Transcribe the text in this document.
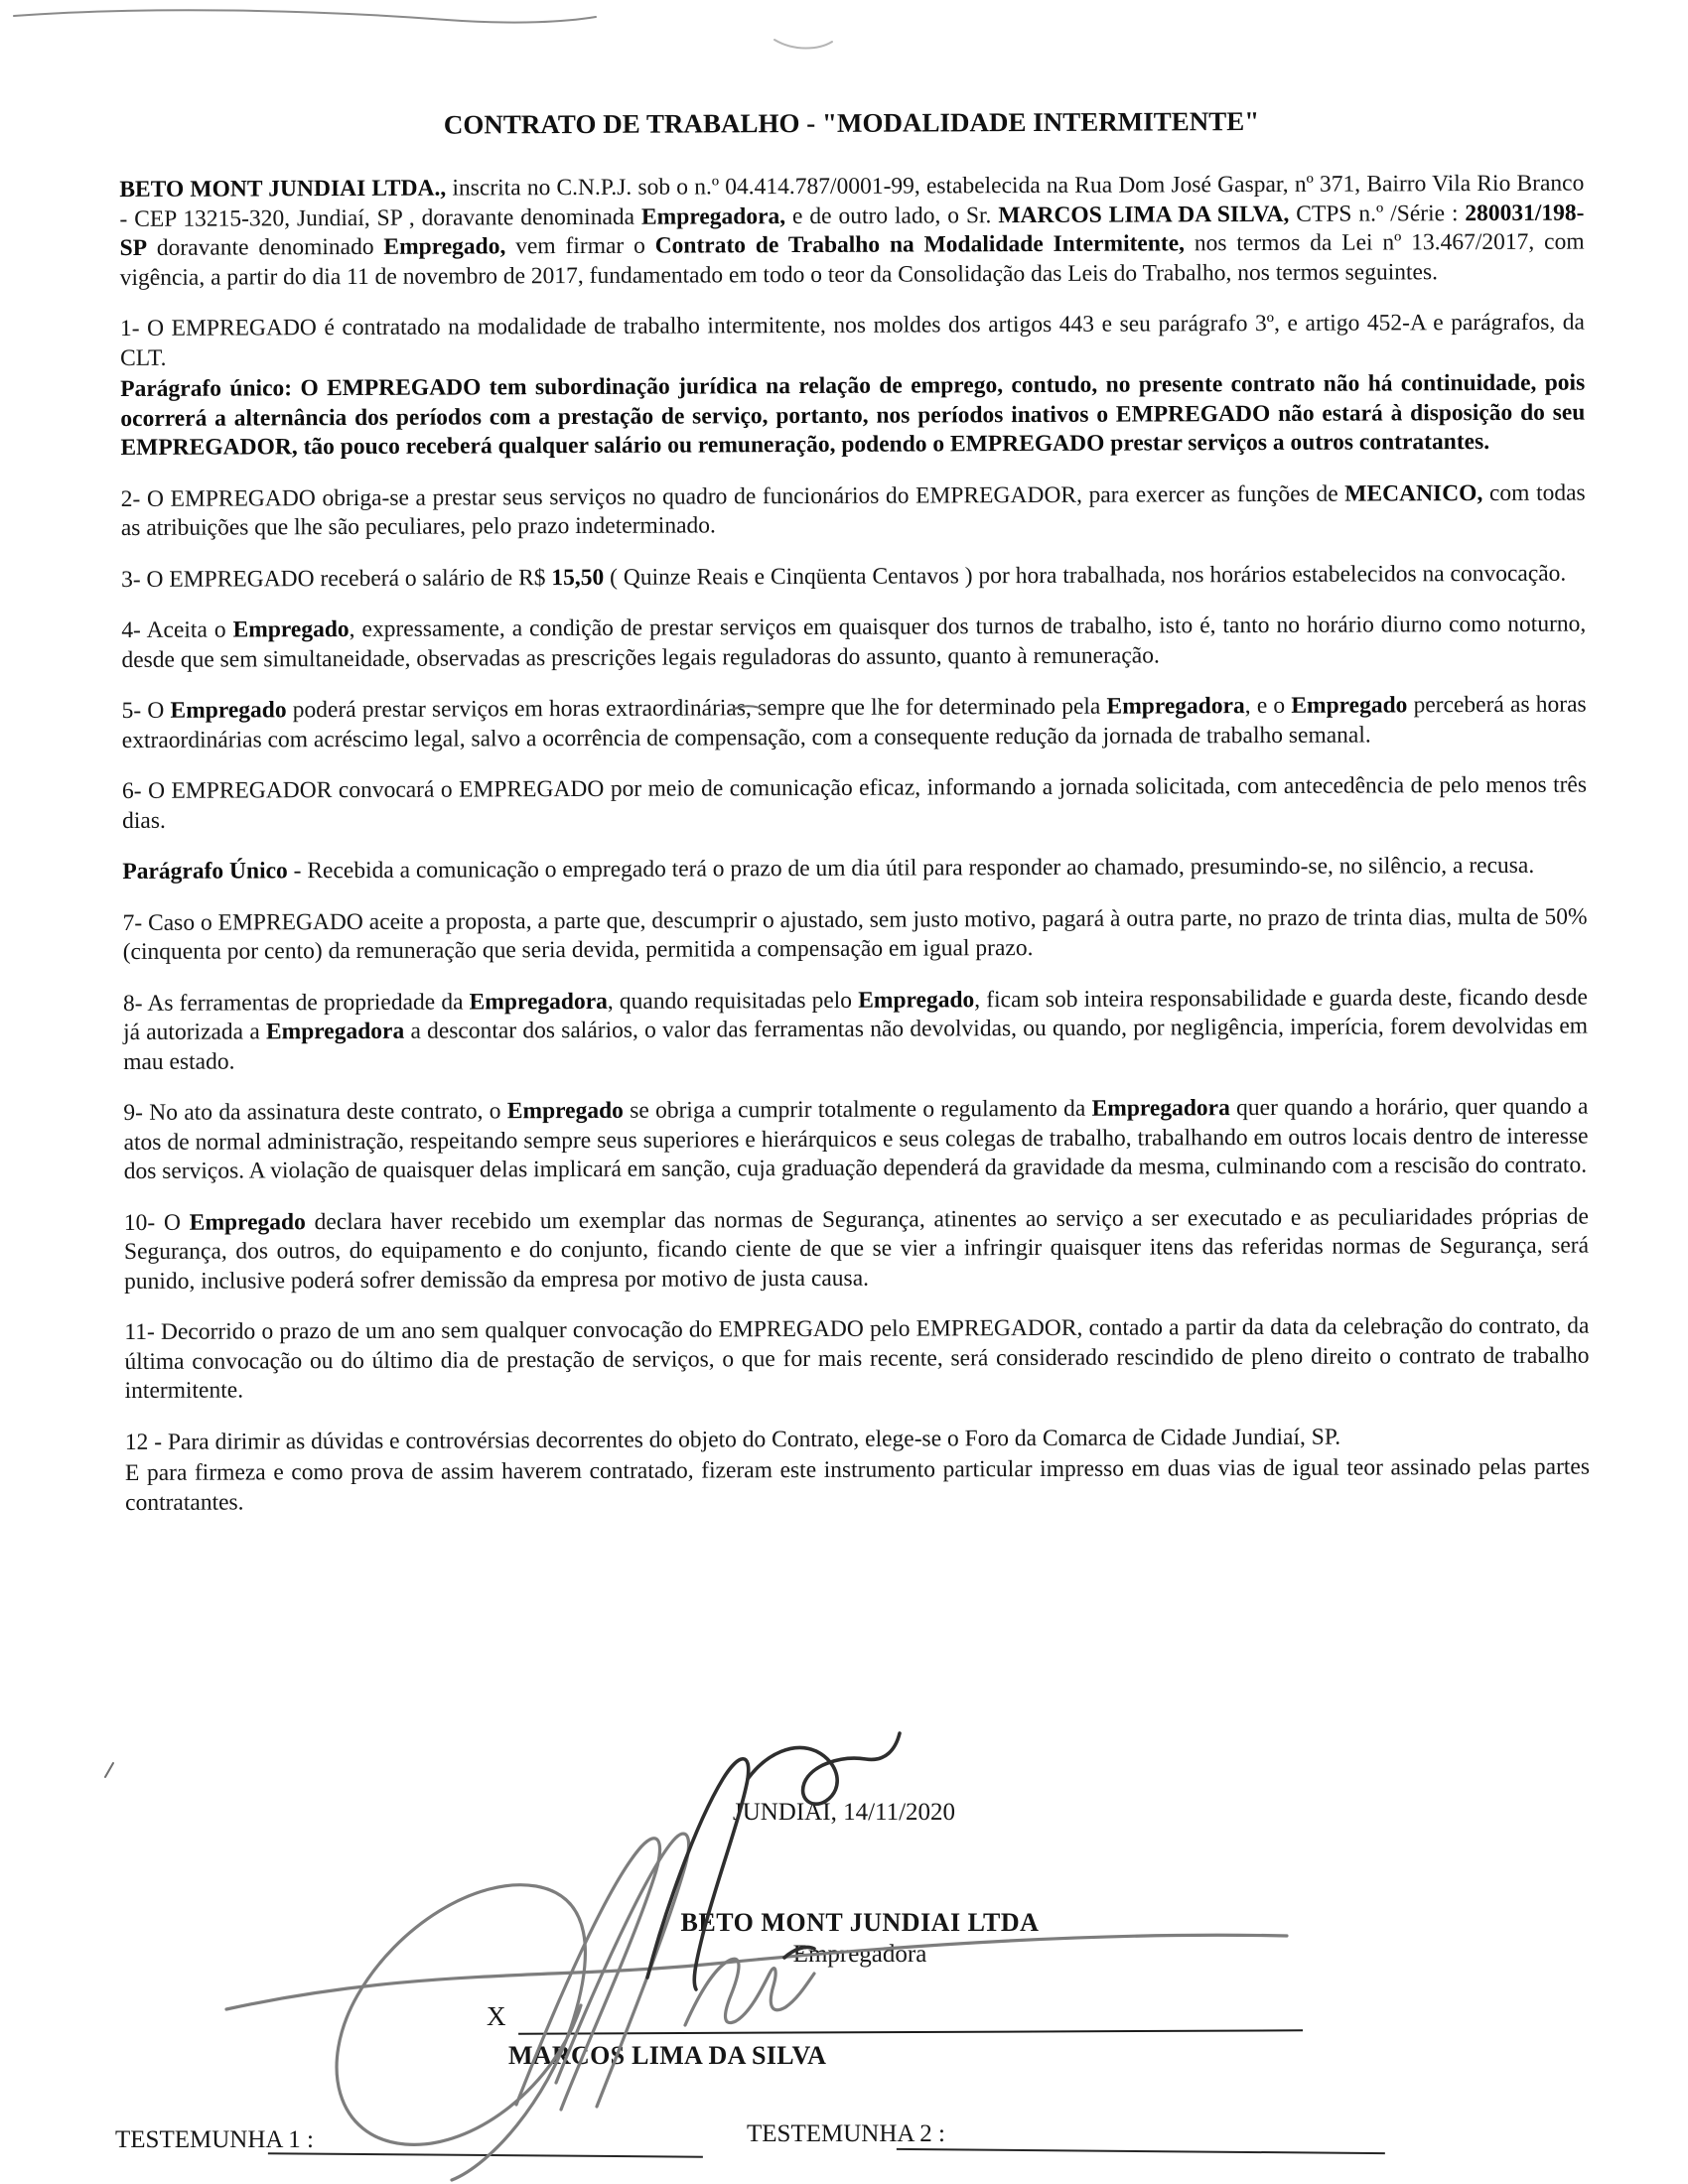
CONTRATO DE TRABALHO - "MODALIDADE INTERMITENTE"

BETO MONT JUNDIAI LTDA., inscrita no C.N.P.J. sob o n.º 04.414.787/0001-99, estabelecida na Rua Dom José Gaspar, nº 371, Bairro Vila Rio Branco - CEP 13215-320, Jundiaí, SP , doravante denominada Empregadora, e de outro lado, o Sr. MARCOS LIMA DA SILVA, CTPS n.º /Série : 280031/198-SP doravante denominado Empregado, vem firmar o Contrato de Trabalho na Modalidade Intermitente, nos termos da Lei nº 13.467/2017, com vigência, a partir do dia 11 de novembro de 2017, fundamentado em todo o teor da Consolidação das Leis do Trabalho, nos termos seguintes.

1- O EMPREGADO é contratado na modalidade de trabalho intermitente, nos moldes dos artigos 443 e seu parágrafo 3º, e artigo 452-A e parágrafos, da CLT.

Parágrafo único: O EMPREGADO tem subordinação jurídica na relação de emprego, contudo, no presente contrato não há continuidade, pois ocorrerá a alternância dos períodos com a prestação de serviço, portanto, nos períodos inativos o EMPREGADO não estará à disposição do seu EMPREGADOR, tão pouco receberá qualquer salário ou remuneração, podendo o EMPREGADO prestar serviços a outros contratantes.

2- O EMPREGADO obriga-se a prestar seus serviços no quadro de funcionários do EMPREGADOR, para exercer as funções de MECANICO, com todas as atribuições que lhe são peculiares, pelo prazo indeterminado.

3- O EMPREGADO receberá o salário de R$ 15,50 ( Quinze Reais e Cinqüenta Centavos ) por hora trabalhada, nos horários estabelecidos na convocação.

4- Aceita o Empregado, expressamente, a condição de prestar serviços em quaisquer dos turnos de trabalho, isto é, tanto no horário diurno como noturno, desde que sem simultaneidade, observadas as prescrições legais reguladoras do assunto, quanto à remuneração.

5- O Empregado poderá prestar serviços em horas extraordinárias, sempre que lhe for determinado pela Empregadora, e o Empregado perceberá as horas extraordinárias com acréscimo legal, salvo a ocorrência de compensação, com a consequente redução da jornada de trabalho semanal.

6- O EMPREGADOR convocará o EMPREGADO por meio de comunicação eficaz, informando a jornada solicitada, com antecedência de pelo menos três dias.

Parágrafo Único - Recebida a comunicação o empregado terá o prazo de um dia útil para responder ao chamado, presumindo-se, no silêncio, a recusa.

7- Caso o EMPREGADO aceite a proposta, a parte que, descumprir o ajustado, sem justo motivo, pagará à outra parte, no prazo de trinta dias, multa de 50% (cinquenta por cento) da remuneração que seria devida, permitida a compensação em igual prazo.

8- As ferramentas de propriedade da Empregadora, quando requisitadas pelo Empregado, ficam sob inteira responsabilidade e guarda deste, ficando desde já autorizada a Empregadora a descontar dos salários, o valor das ferramentas não devolvidas, ou quando, por negligência, imperícia, forem devolvidas em mau estado.

9- No ato da assinatura deste contrato, o Empregado se obriga a cumprir totalmente o regulamento da Empregadora quer quando a horário, quer quando a atos de normal administração, respeitando sempre seus superiores e hierárquicos e seus colegas de trabalho, trabalhando em outros locais dentro de interesse dos serviços. A violação de quaisquer delas implicará em sanção, cuja graduação dependerá da gravidade da mesma, culminando com a rescisão do contrato.

10- O Empregado declara haver recebido um exemplar das normas de Segurança, atinentes ao serviço a ser executado e as peculiaridades próprias de Segurança, dos outros, do equipamento e do conjunto, ficando ciente de que se vier a infringir quaisquer itens das referidas normas de Segurança, será punido, inclusive poderá sofrer demissão da empresa por motivo de justa causa.

11- Decorrido o prazo de um ano sem qualquer convocação do EMPREGADO pelo EMPREGADOR, contado a partir da data da celebração do contrato, da última convocação ou do último dia de prestação de serviços, o que for mais recente, será considerado rescindido de pleno direito o contrato de trabalho intermitente.

12 - Para dirimir as dúvidas e controvérsias decorrentes do objeto do Contrato, elege-se o Foro da Comarca de Cidade Jundiaí, SP.

E para firmeza e como prova de assim haverem contratado, fizeram este instrumento particular impresso em duas vias de igual teor assinado pelas partes contratantes.

JUNDIAI, 14/11/2020
BETO MONT JUNDIAI LTDA
Empregadora
X
MARCOS LIMA DA SILVA
TESTEMUNHA 1 :	TESTEMUNHA 2 :
